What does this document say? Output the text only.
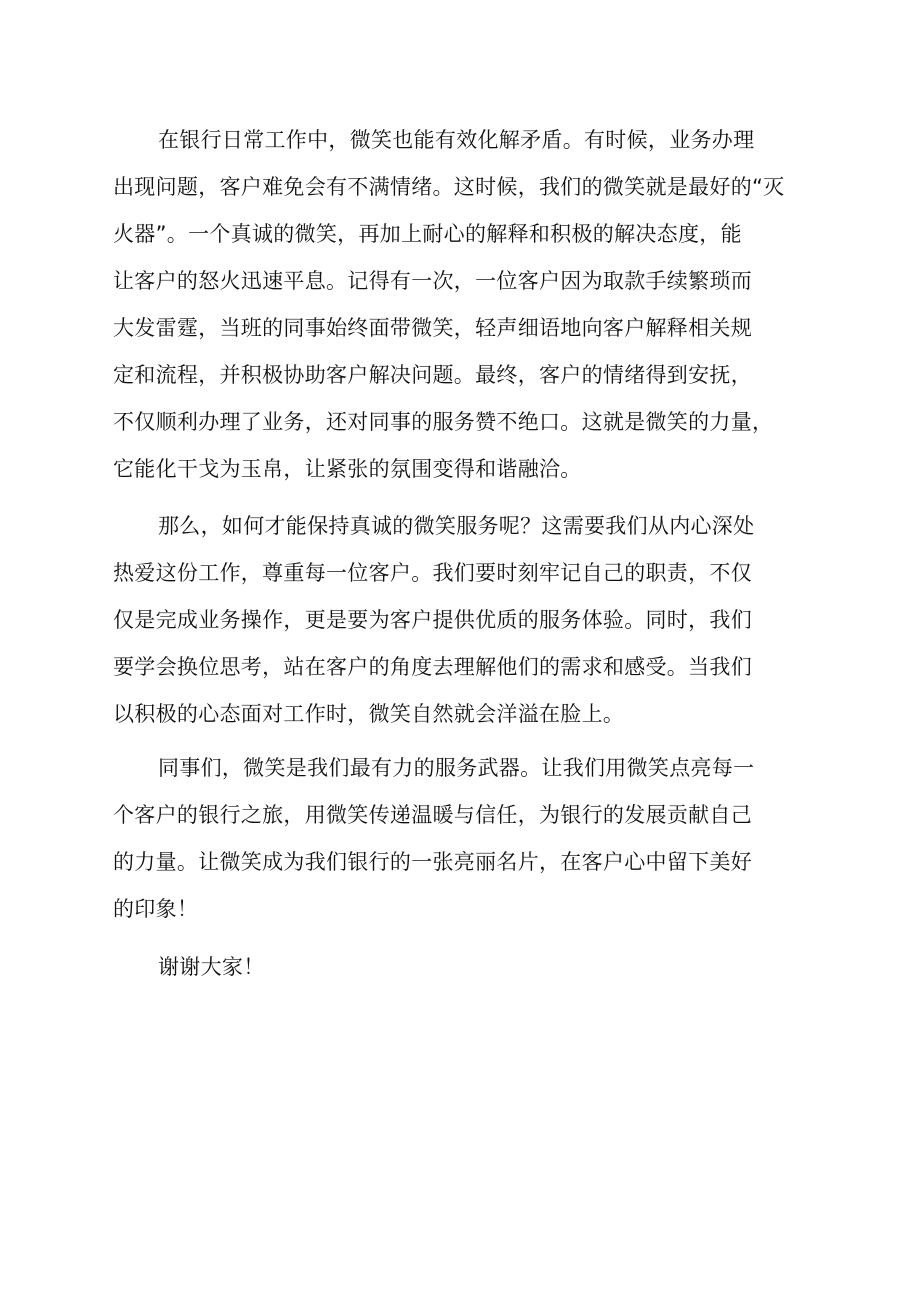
在银行日常工作中，微笑也能有效化解矛盾。有时候，业务办理
出现问题，客户难免会有不满情绪。这时候，我们的微笑就是最好的“灭
火器”。一个真诚的微笑，再加上耐心的解释和积极的解决态度，能
让客户的怒火迅速平息。记得有一次，一位客户因为取款手续繁琐而
大发雷霆，当班的同事始终面带微笑，轻声细语地向客户解释相关规
定和流程，并积极协助客户解决问题。最终，客户的情绪得到安抚，
不仅顺利办理了业务，还对同事的服务赞不绝口。这就是微笑的力量，
它能化干戈为玉帛，让紧张的氛围变得和谐融洽。
那么，如何才能保持真诚的微笑服务呢？这需要我们从内心深处
热爱这份工作，尊重每一位客户。我们要时刻牢记自己的职责，不仅
仅是完成业务操作，更是要为客户提供优质的服务体验。同时，我们
要学会换位思考，站在客户的角度去理解他们的需求和感受。当我们
以积极的心态面对工作时，微笑自然就会洋溢在脸上。
同事们，微笑是我们最有力的服务武器。让我们用微笑点亮每一
个客户的银行之旅，用微笑传递温暖与信任，为银行的发展贡献自己
的力量。让微笑成为我们银行的一张亮丽名片，在客户心中留下美好
的印象！
谢谢大家！
